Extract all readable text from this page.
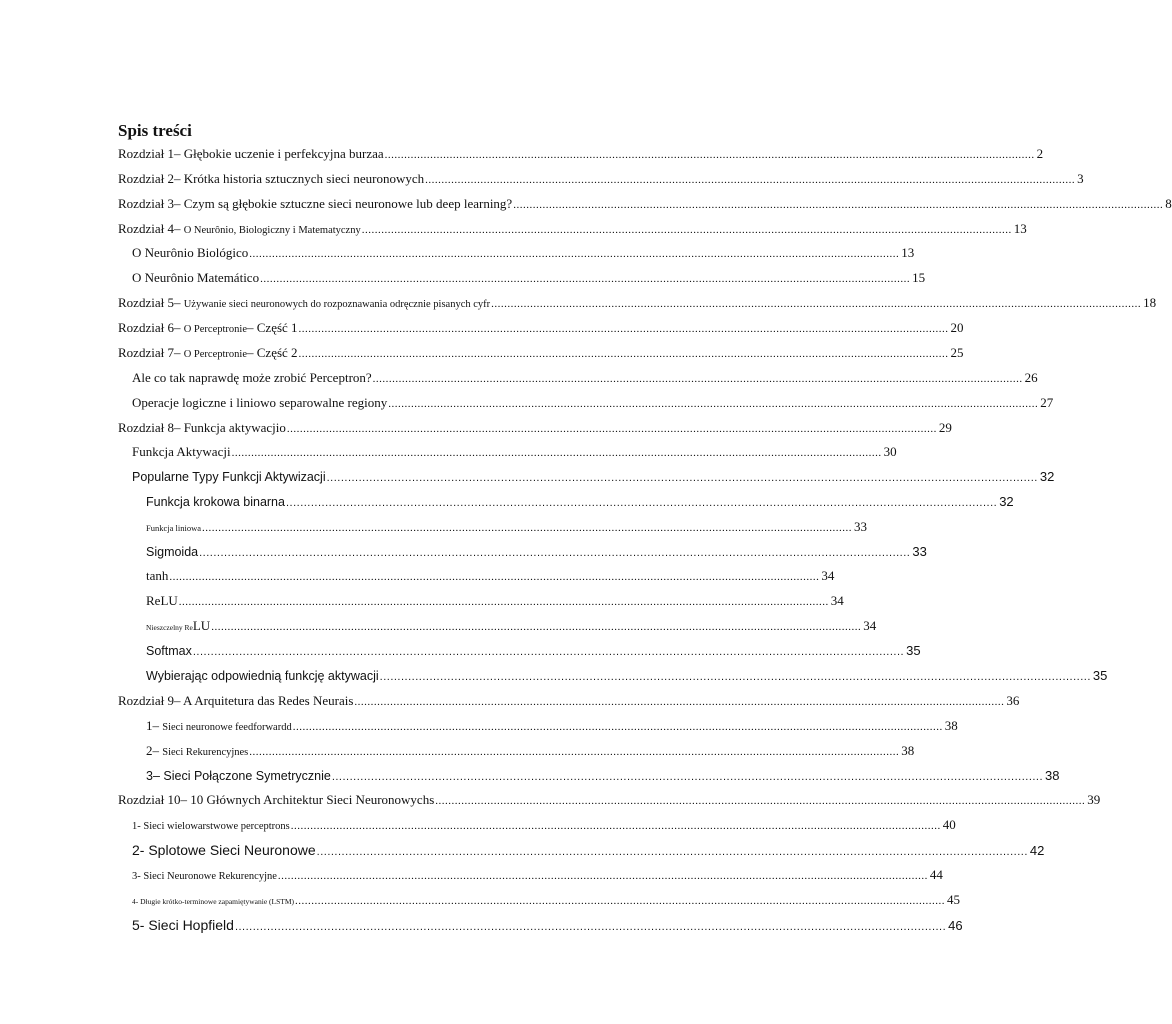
Spis treści
Rozdział 1– Głębokie uczenie i perfekcyjna burzaa ........................................................................................................................................................................................................ 2
Rozdział 2– Krótka historia sztucznych sieci neuronowych ........................................................................................................................................................................................................ 3
Rozdział 3– Czym są głębokie sztuczne sieci neuronowe lub deep learning? ........................................................................................................................................................................................................ 8
Rozdział 4– O Neurônio, Biologiczny i Matematyczny ........................................................................................................................................................................................................ 13
O Neurônio Biológico ........................................................................................................................................................................................................ 13
O Neurônio Matemático ........................................................................................................................................................................................................ 15
Rozdział 5– Używanie sieci neuronowych do rozpoznawania odręcznie pisanych cyfr ........................................................................................................................................................................................................ 18
Rozdział 6– O Perceptronie– Część 1 ........................................................................................................................................................................................................ 20
Rozdział 7– O Perceptronie– Część 2 ........................................................................................................................................................................................................ 25
Ale co tak naprawdę może zrobić Perceptron? ........................................................................................................................................................................................................ 26
Operacje logiczne i liniowo separowalne regiony ........................................................................................................................................................................................................ 27
Rozdział 8– Funkcja aktywacjio ........................................................................................................................................................................................................ 29
Funkcja Aktywacji ........................................................................................................................................................................................................ 30
Popularne Typy Funkcji Aktywizacji ........................................................................................................................................................................................................ 32
Funkcja krokowa binarna ........................................................................................................................................................................................................ 32
Funkcja liniowa ........................................................................................................................................................................................................ 33
Sigmoida ........................................................................................................................................................................................................ 33
tanh ........................................................................................................................................................................................................ 34
ReLU ........................................................................................................................................................................................................ 34
Nieszczelny ReLU ........................................................................................................................................................................................................ 34
Softmax ........................................................................................................................................................................................................ 35
Wybierając odpowiednią funkcję aktywacji ........................................................................................................................................................................................................ 35
Rozdział 9– A Arquitetura das Redes Neurais ........................................................................................................................................................................................................ 36
1– Sieci neuronowe feedforwardd ........................................................................................................................................................................................................ 38
2– Sieci Rekurencyjnes ........................................................................................................................................................................................................ 38
3– Sieci Połączone Symetrycznie ........................................................................................................................................................................................................ 38
Rozdział 10– 10 Głównych Architektur Sieci Neuronowychs ........................................................................................................................................................................................................ 39
1- Sieci wielowarstwowe perceptrons ........................................................................................................................................................................................................ 40
2- Splotowe Sieci Neuronowe ........................................................................................................................................................................................................ 42
3- Sieci Neuronowe Rekurencyjne ........................................................................................................................................................................................................ 44
4- Długie krótko-terminowe zapamiętywanie (LSTM) ........................................................................................................................................................................................................ 45
5- Sieci Hopfield ........................................................................................................................................................................................................ 46
